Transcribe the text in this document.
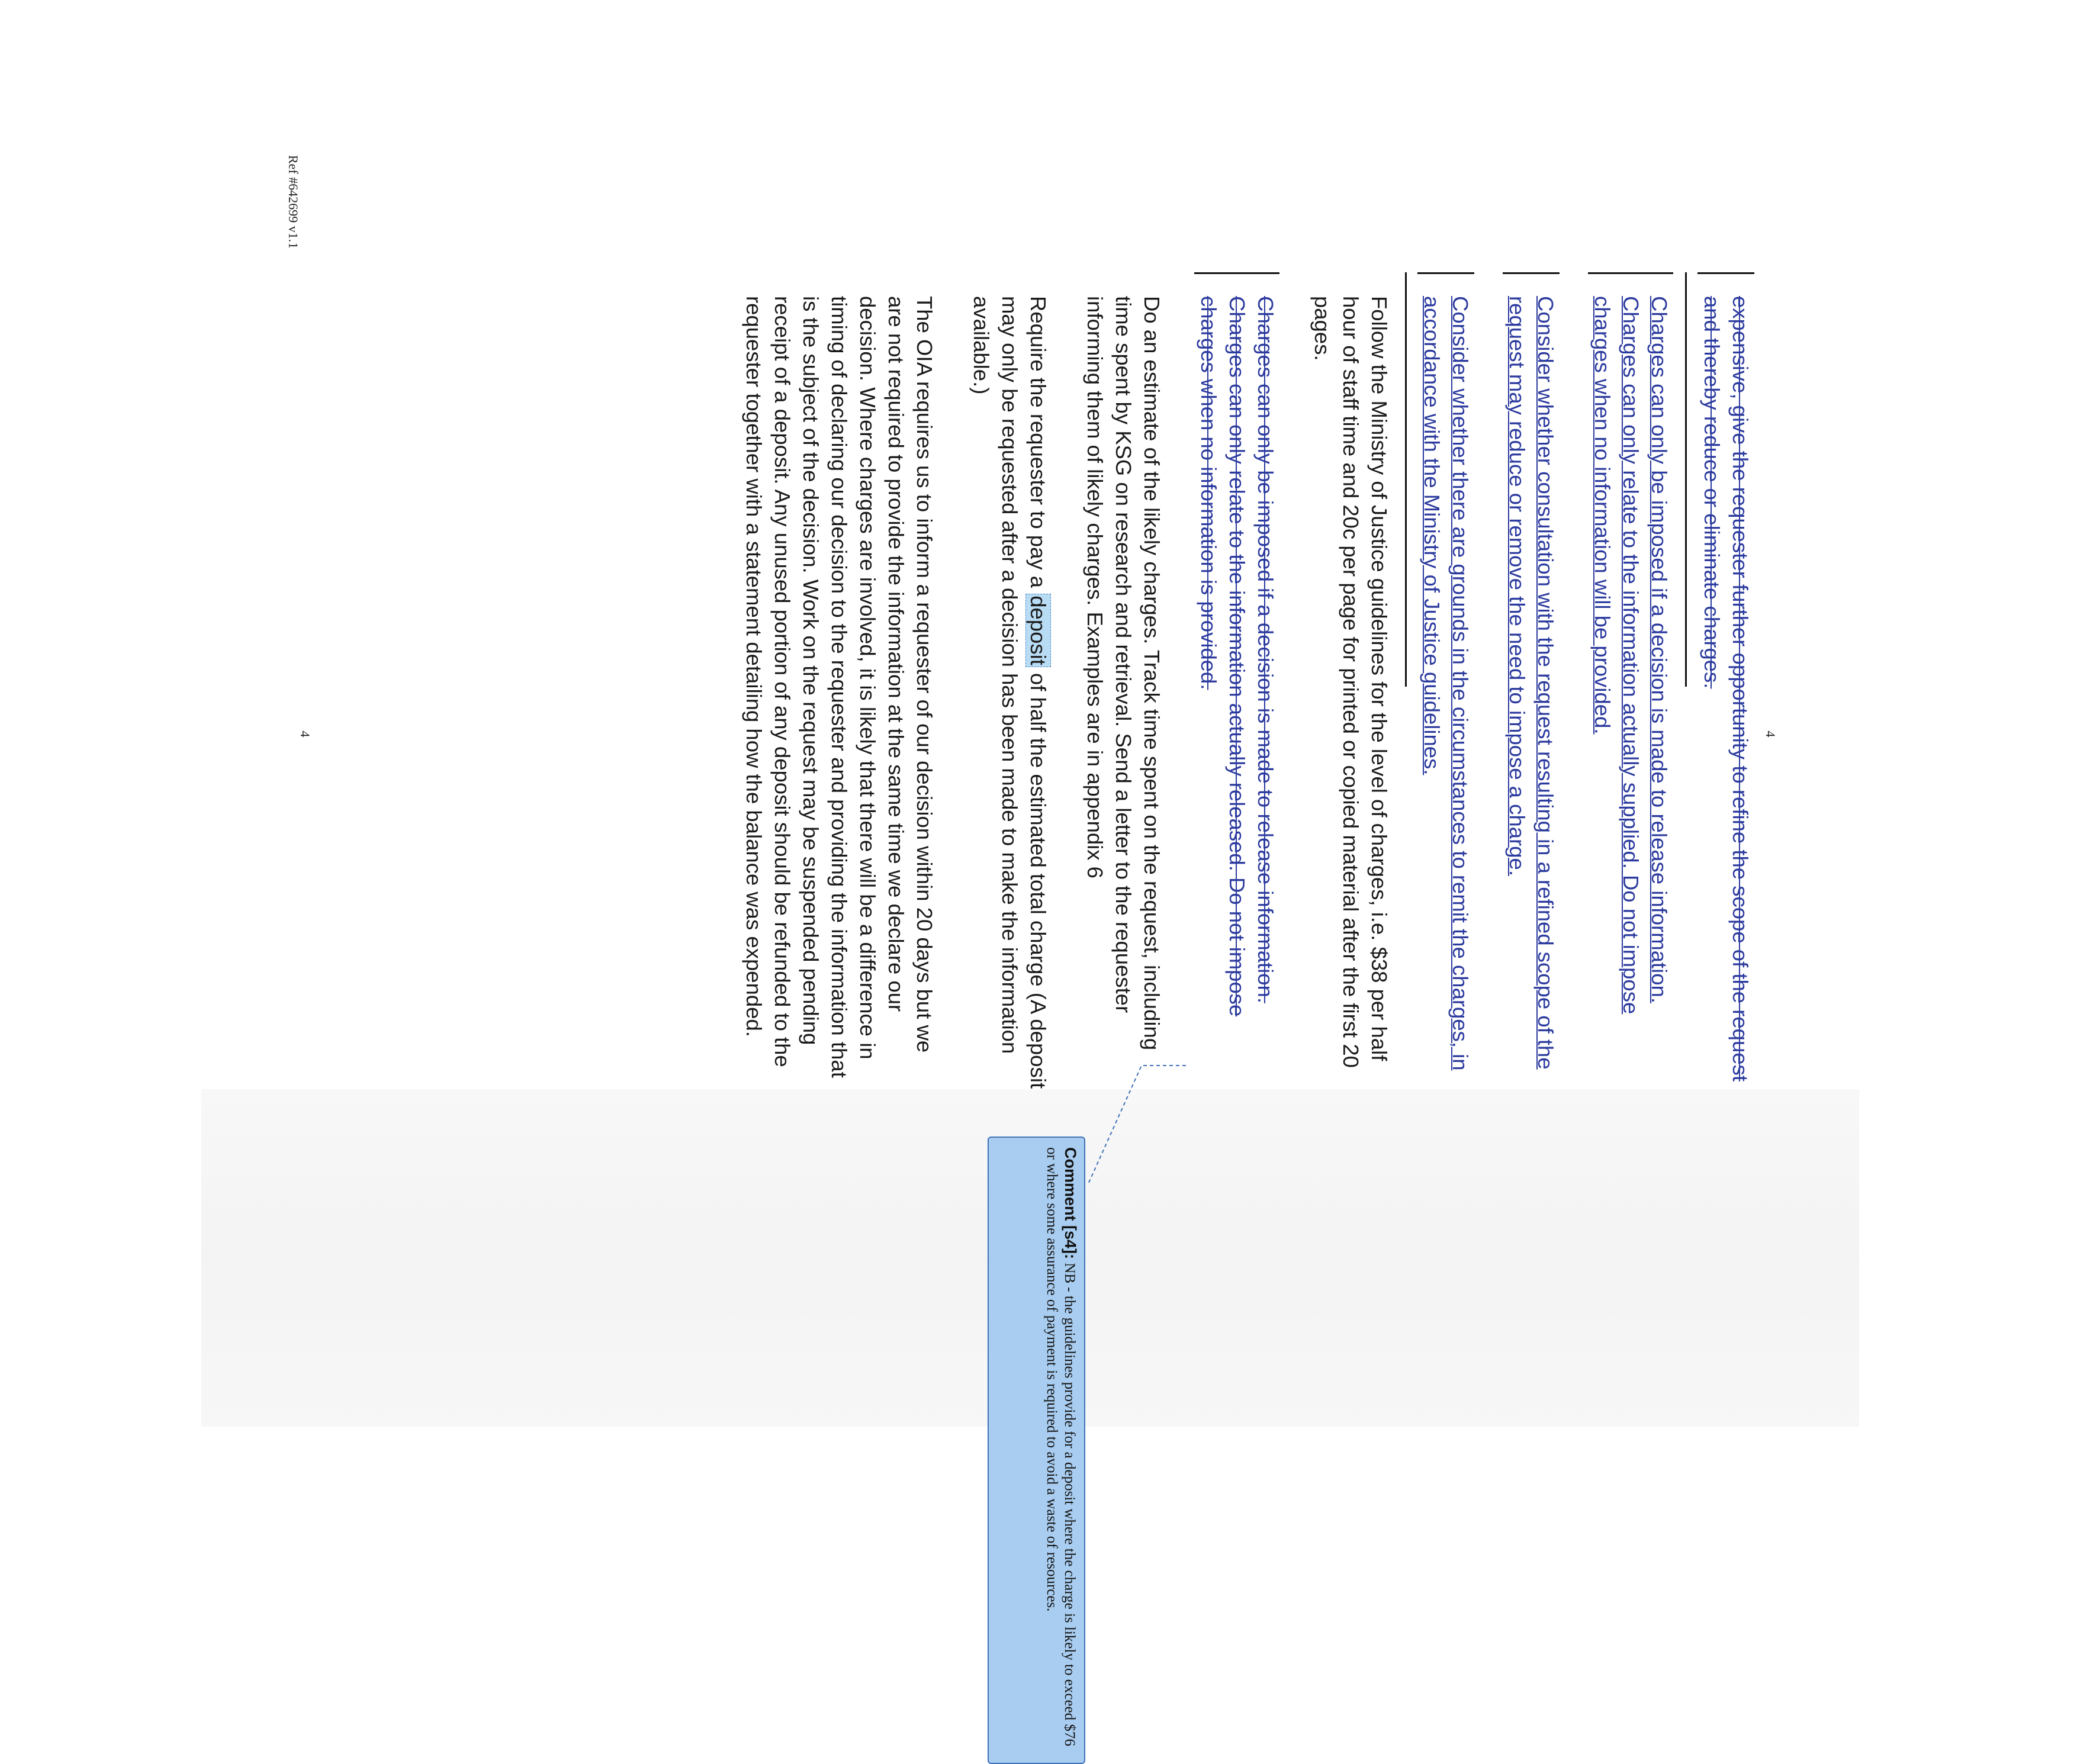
4

expensive, give the requester further opportunity to refine the scope of the request and thereby reduce or eliminate charges.

Charges can only be imposed if a decision is made to release information. Charges can only relate to the information actually supplied. Do not impose charges when no information will be provided.

Consider whether consultation with the request resulting in a refined scope of the request may reduce or remove the need to impose a charge.

Consider whether there are grounds in the circumstances to remit the charges, in accordance with the Ministry of Justice guidelines.

Follow the Ministry of Justice guidelines for the level of charges, i.e. $38 per half hour of staff time and 20c per page for printed or copied material after the first 20 pages.

Charges can only be imposed if a decision is made to release information. Charges can only relate to the information actually released. Do not impose charges when no information is provided.

Do an estimate of the likely charges. Track time spent on the request, including time spent by KSG on research and retrieval. Send a letter to the requester informing them of likely charges. Examples are in appendix 6

Require the requester to pay a deposit of half the estimated total charge (A deposit may only be requested after a decision has been made to make the information available.)

The OIA requires us to inform a requester of our decision within 20 days but we are not required to provide the information at the same time we declare our decision. Where charges are involved, it is likely that there will be a difference in timing of declaring our decision to the requester and providing the information that is the subject of the decision. Work on the request may be suspended pending receipt of a deposit. Any unused portion of any deposit should be refunded to the requester together with a statement detailing how the balance was expended.

Comment [s4]: NB - the guidelines provide for a deposit where the charge is likely to exceed $76 or where some assurance of payment is required to avoid a waste of resources.
4
Ref #642699 v1.1
